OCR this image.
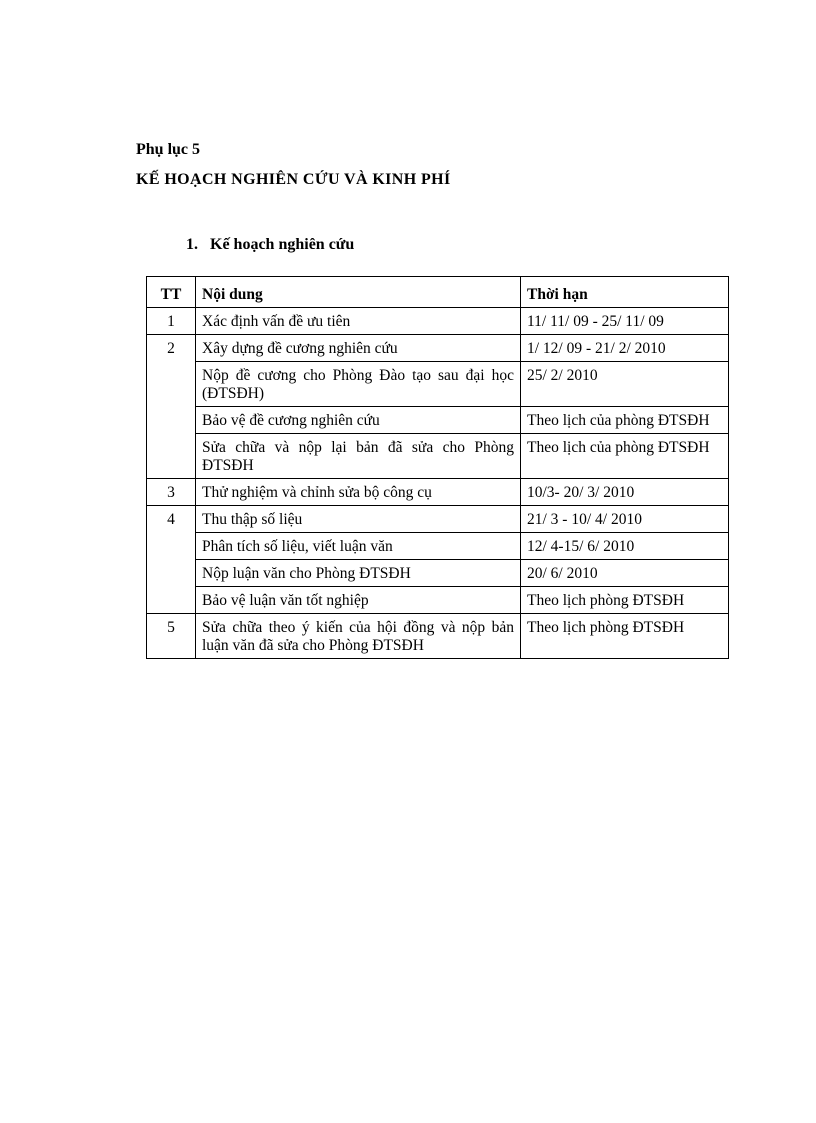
Phụ lục 5
KẾ HOẠCH NGHIÊN CỨU VÀ KINH PHÍ
1. Kế hoạch nghiên cứu
TT	Nội dung	Thời hạn
1	Xác định vấn đề ưu tiên	11/ 11/ 09 - 25/ 11/ 09
2	Xây dựng đề cương nghiên cứu	1/ 12/ 09 - 21/ 2/ 2010
	Nộp đề cương cho Phòng Đào tạo sau đại học (ĐTSĐH)	25/ 2/ 2010
	Bảo vệ đề cương nghiên cứu	Theo lịch của phòng ĐTSĐH
	Sửa chữa và nộp lại bản đã sửa cho Phòng ĐTSĐH	Theo lịch của phòng ĐTSĐH
3	Thử nghiệm và chỉnh sửa bộ công cụ	10/3- 20/ 3/ 2010
4	Thu thập số liệu	21/ 3 - 10/ 4/ 2010
	Phân tích số liệu, viết luận văn	12/ 4-15/ 6/ 2010
	Nộp luận văn cho Phòng ĐTSĐH	20/ 6/ 2010
	Bảo vệ luận văn tốt nghiệp	Theo lịch phòng ĐTSĐH
5	Sửa chữa theo ý kiến của hội đồng và nộp bản luận văn đã sửa cho Phòng ĐTSĐH	Theo lịch phòng ĐTSĐH
